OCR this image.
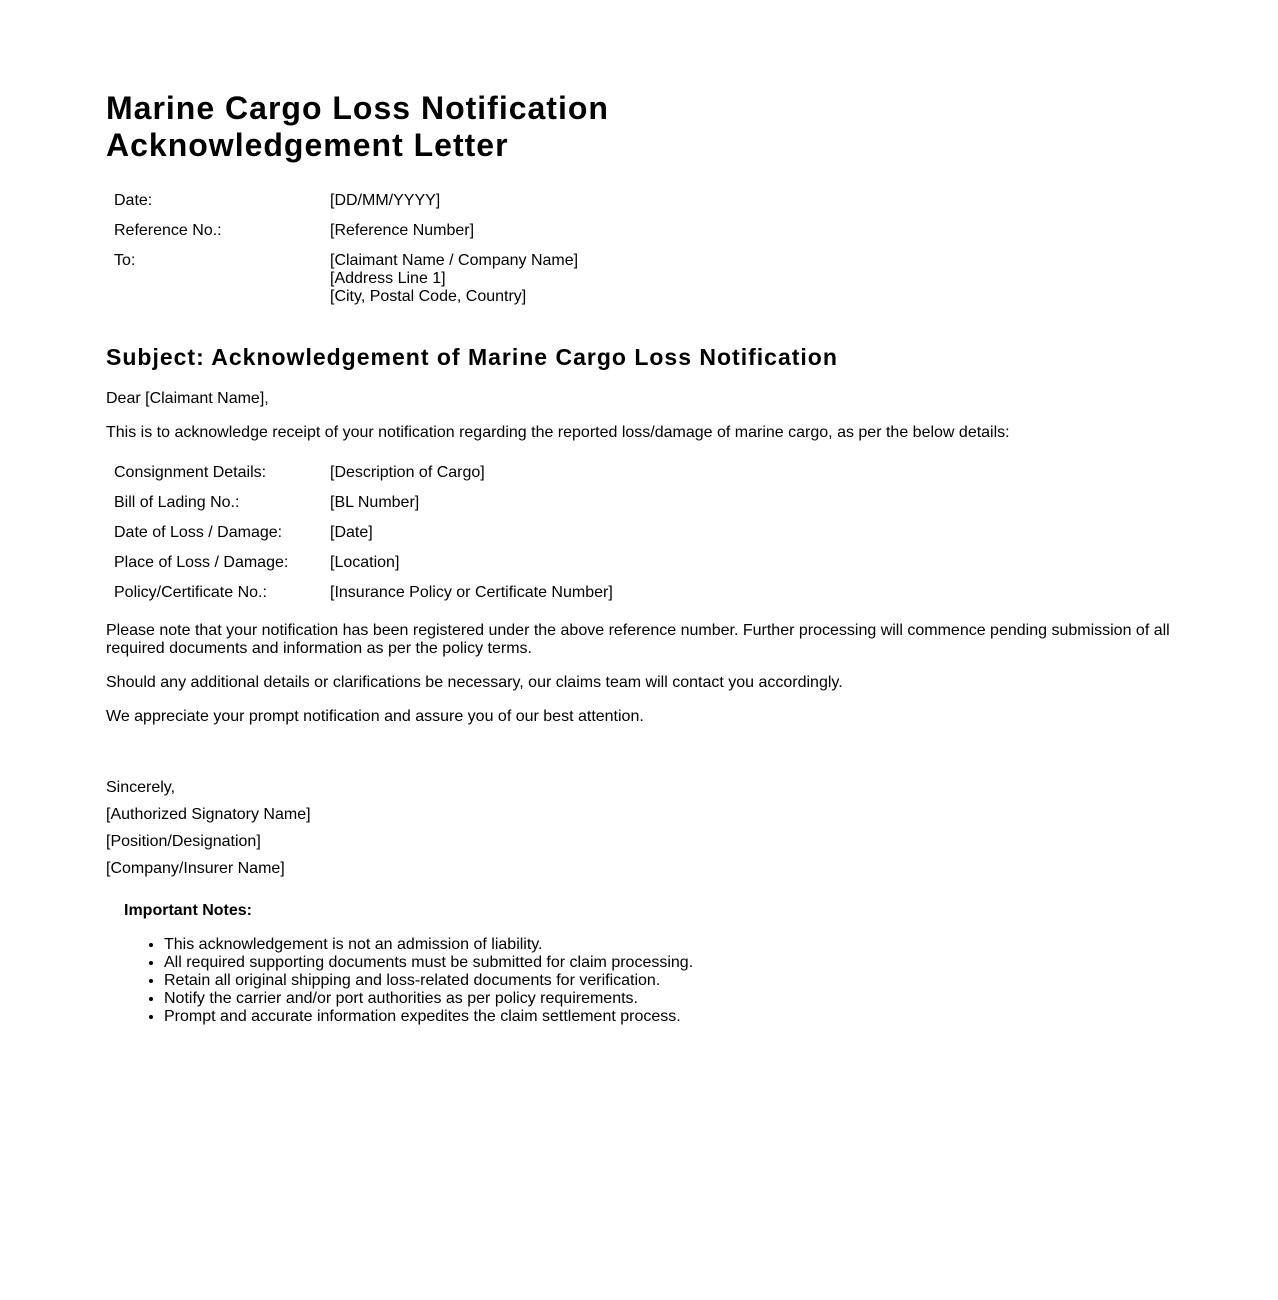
Marine Cargo Loss Notification
Acknowledgement Letter
Date:	[DD/MM/YYYY]
Reference No.:	[Reference Number]
To:	[Claimant Name / Company Name]
[Address Line 1]
[City, Postal Code, Country]
Subject: Acknowledgement of Marine Cargo Loss Notification

Dear [Claimant Name],

This is to acknowledge receipt of your notification regarding the reported loss/damage of marine cargo, as per the below details:

Consignment Details:	[Description of Cargo]
Bill of Lading No.:	[BL Number]
Date of Loss / Damage:	[Date]
Place of Loss / Damage:	[Location]
Policy/Certificate No.:	[Insurance Policy or Certificate Number]

Please note that your notification has been registered under the above reference number. Further processing will commence pending submission of all required documents and information as per the policy terms.

Should any additional details or clarifications be necessary, our claims team will contact you accordingly.

We appreciate your prompt notification and assure you of our best attention.

Sincerely,

[Authorized Signatory Name]

[Position/Designation]

[Company/Insurer Name]

Important Notes:
• This acknowledgement is not an admission of liability.
• All required supporting documents must be submitted for claim processing.
• Retain all original shipping and loss-related documents for verification.
• Notify the carrier and/or port authorities as per policy requirements.
• Prompt and accurate information expedites the claim settlement process.
